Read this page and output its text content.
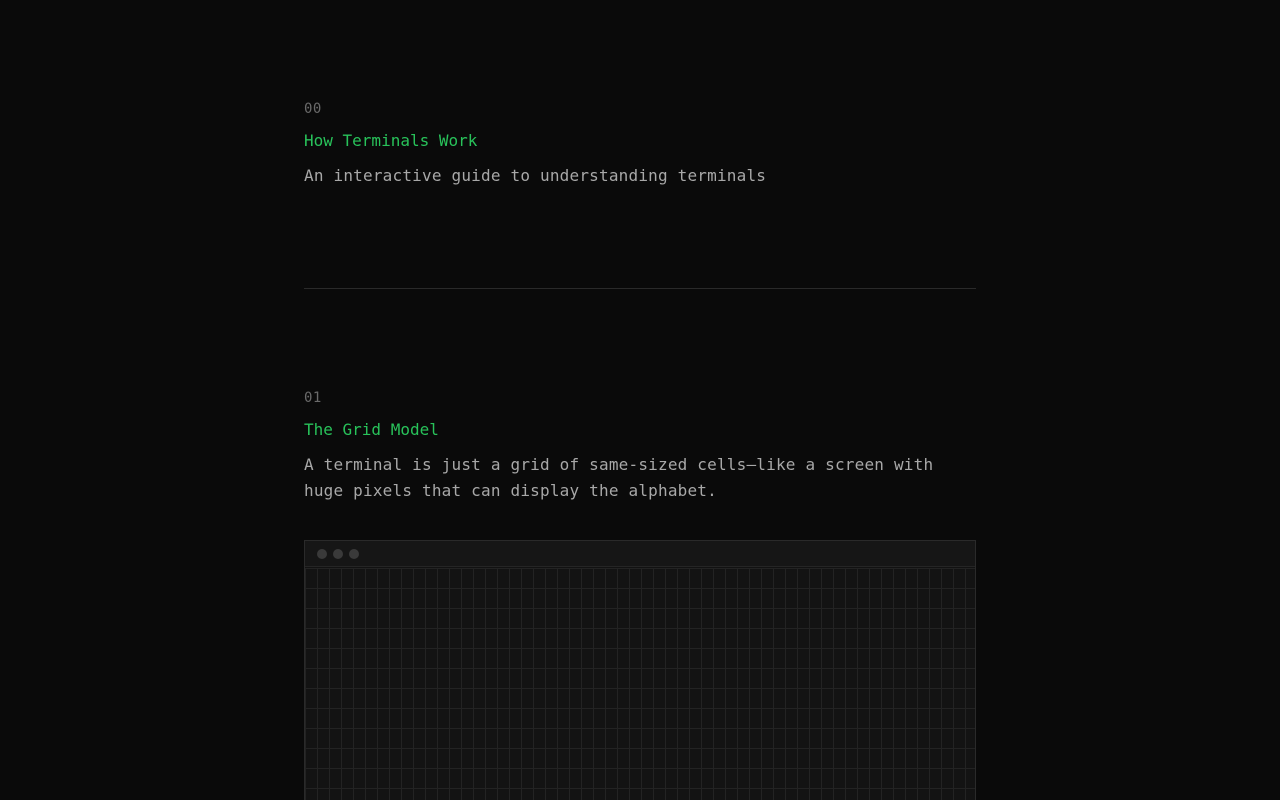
00
How Terminals Work
An interactive guide to understanding terminals
01
The Grid Model
A terminal is just a grid of same-sized cells—like a screen with huge pixels that can display the alphabet.
